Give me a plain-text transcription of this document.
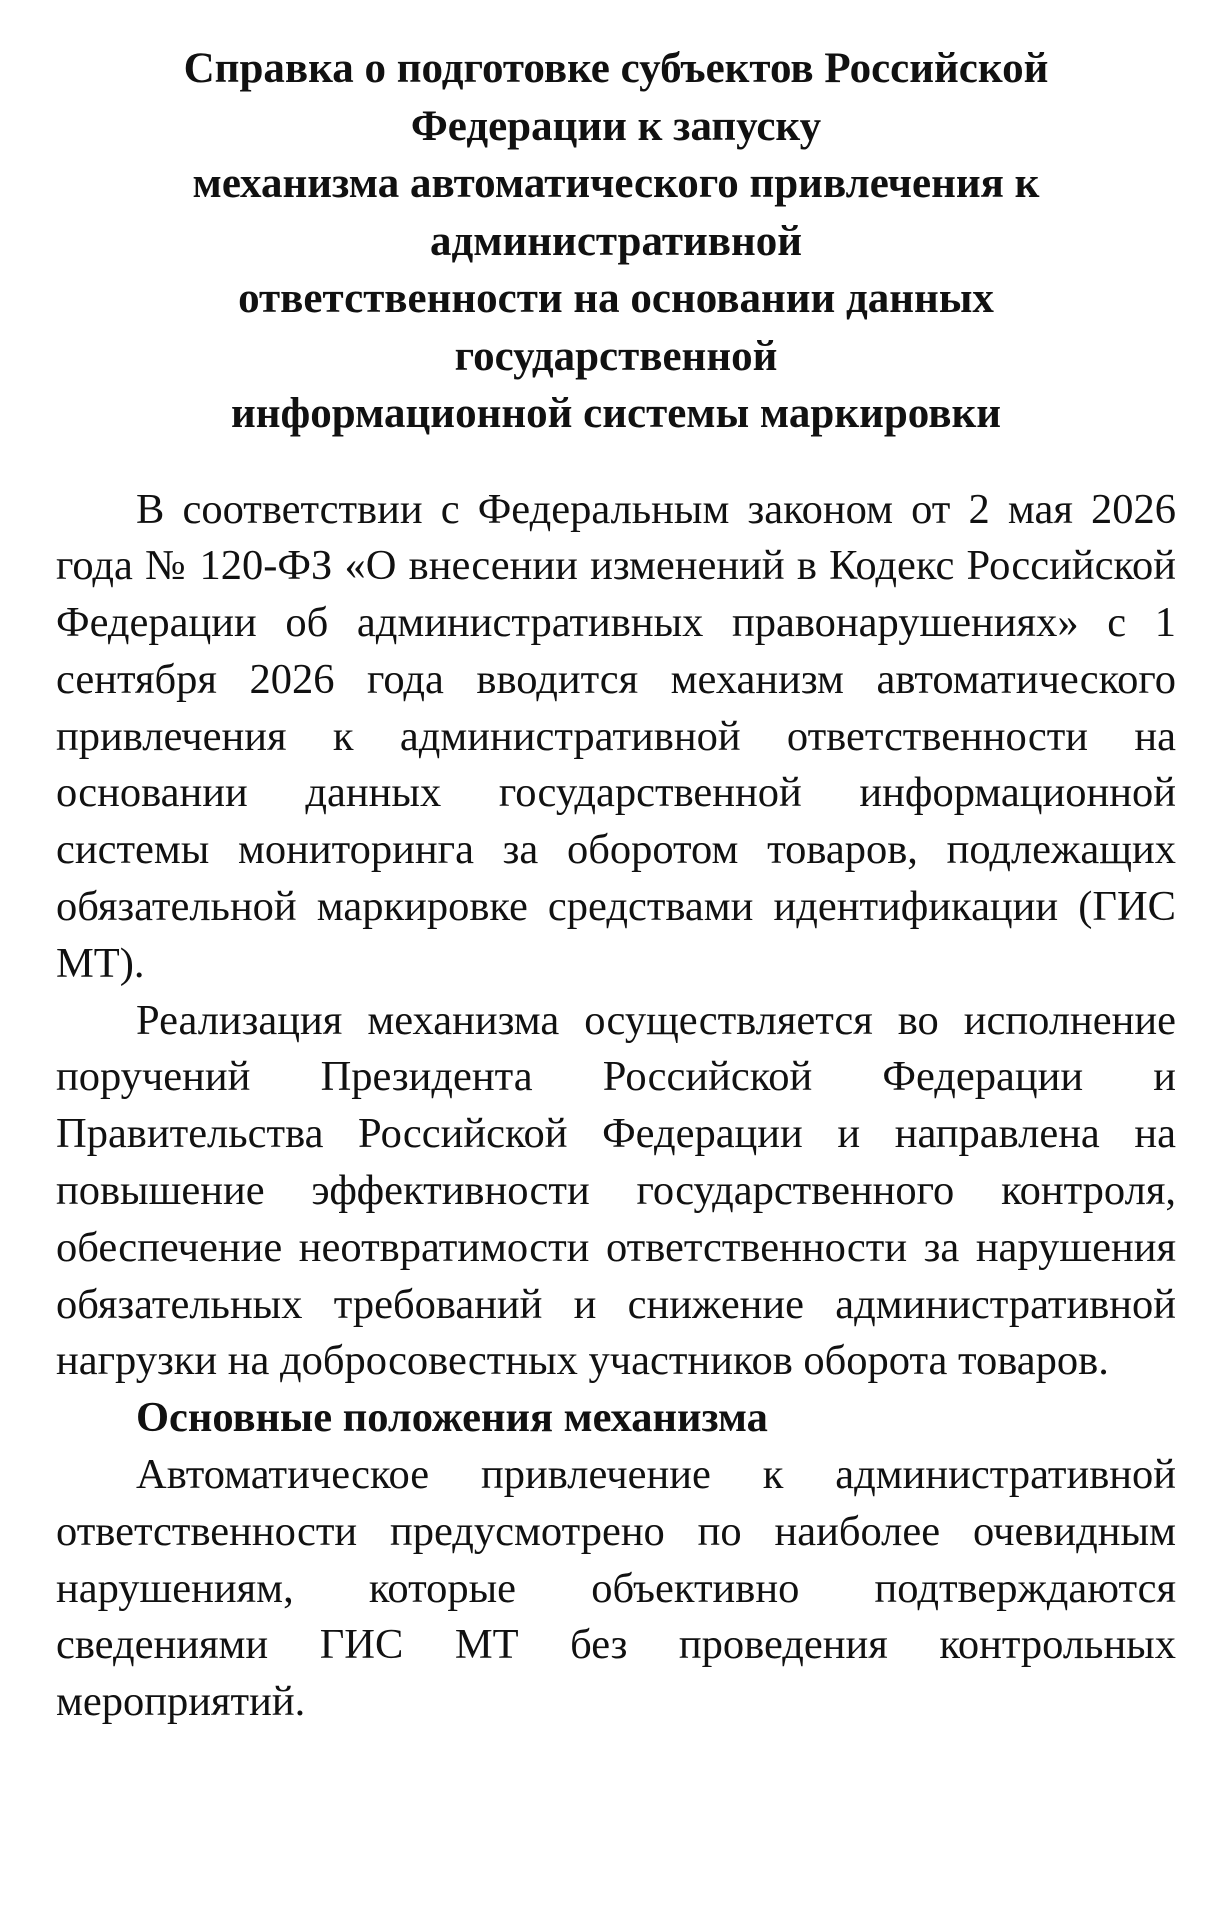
Справка о подготовке субъектов Российской
Федерации к запуску
механизма автоматического привлечения к
административной
ответственности на основании данных
государственной
информационной системы маркировки

В соответствии с Федеральным законом от 2 мая 2026 года № 120-ФЗ «О внесении изменений в Кодекс Российской Федерации об административных правонарушениях» с 1 сентября 2026 года вводится механизм автоматического привлечения к административной ответственности на основании данных государственной информационной системы мониторинга за оборотом товаров, подлежащих обязательной маркировке средствами идентификации (ГИС МТ).

Реализация механизма осуществляется во исполнение поручений Президента Российской Федерации и Правительства Российской Федерации и направлена на повышение эффективности государственного контроля, обеспечение неотвратимости ответственности за нарушения обязательных требований и снижение административной нагрузки на добросовестных участников оборота товаров.

Основные положения механизма

Автоматическое привлечение к административной ответственности предусмотрено по наиболее очевидным нарушениям, которые объективно подтверждаются сведениями ГИС МТ без проведения контрольных мероприятий.
